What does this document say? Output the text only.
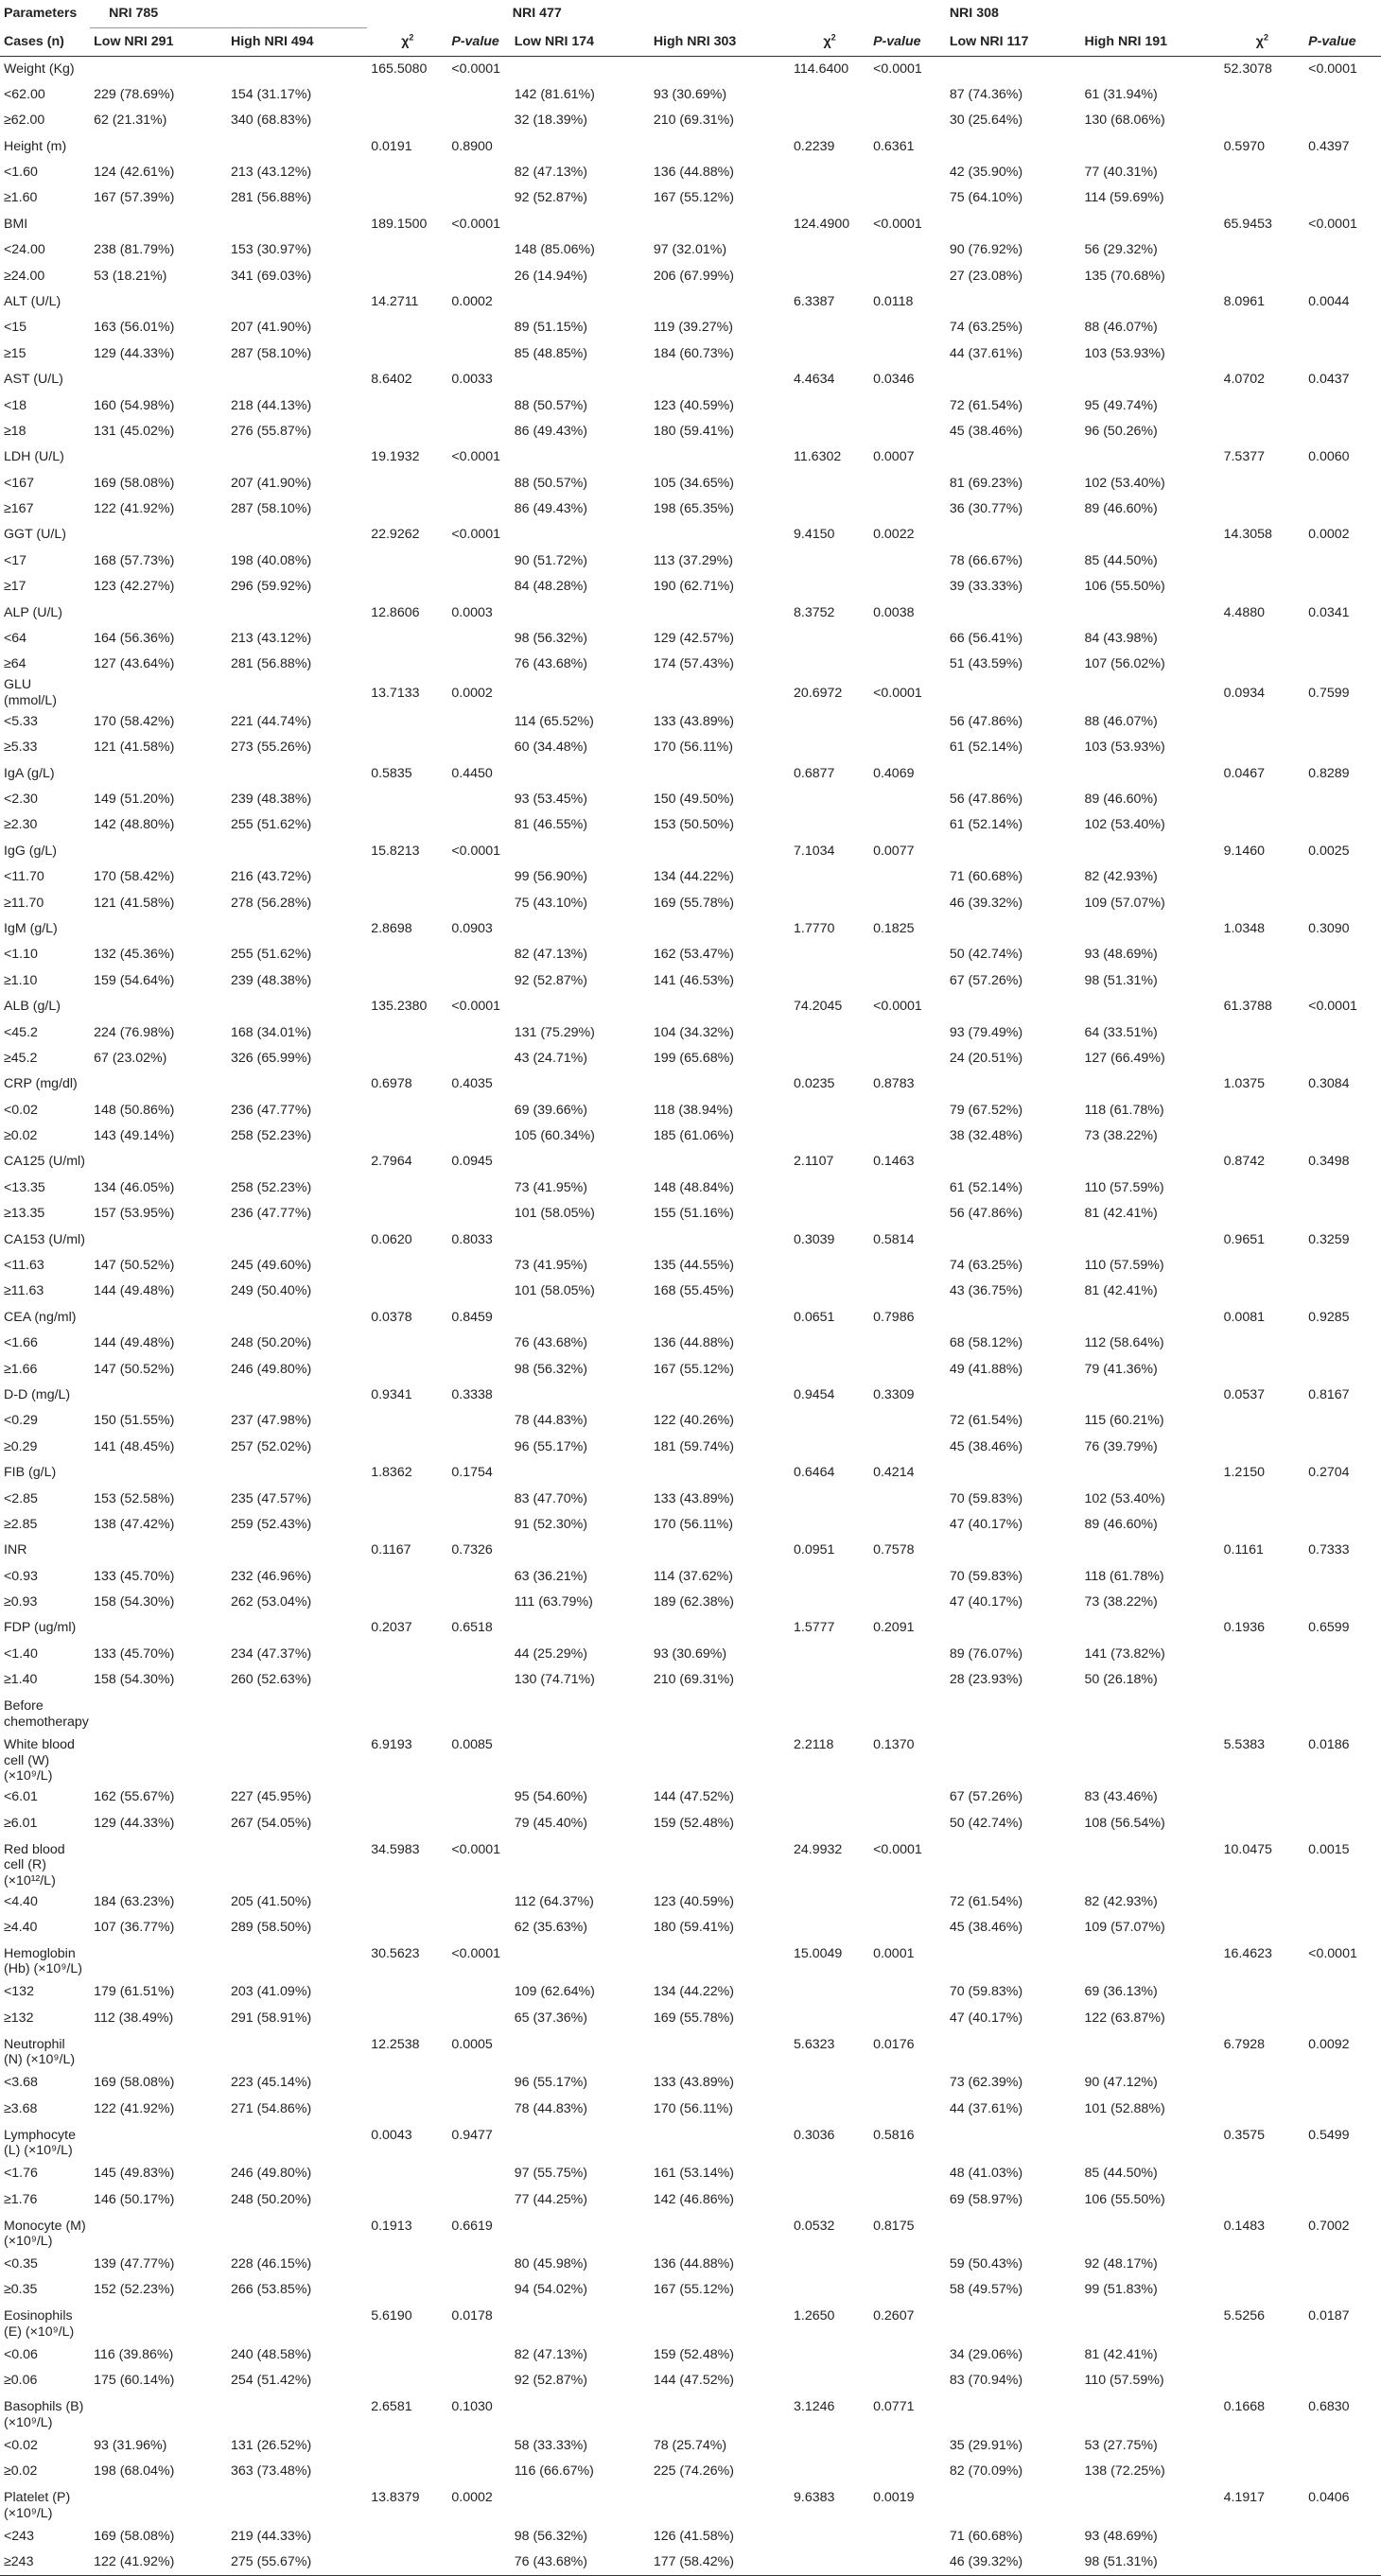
Parameters	NRI 785				NRI 477				NRI 308			
Cases (n)	Low NRI 291	High NRI 494	$\chi^2$	P-value	Low NRI 174	High NRI 303	$\chi^2$	P-value	Low NRI 117	High NRI 191	$\chi^2$	P-value
Weight (Kg)			165.5080	<0.0001			114.6400	<0.0001			52.3078	<0.0001
<62.00	229 (78.69%)	154 (31.17%)			142 (81.61%)	93 (30.69%)			87 (74.36%)	61 (31.94%)		
≥62.00	62 (21.31%)	340 (68.83%)			32 (18.39%)	210 (69.31%)			30 (25.64%)	130 (68.06%)		
Height (m)			0.0191	0.8900			0.2239	0.6361			0.5970	0.4397
<1.60	124 (42.61%)	213 (43.12%)			82 (47.13%)	136 (44.88%)			42 (35.90%)	77 (40.31%)		
≥1.60	167 (57.39%)	281 (56.88%)			92 (52.87%)	167 (55.12%)			75 (64.10%)	114 (59.69%)		
BMI			189.1500	<0.0001			124.4900	<0.0001			65.9453	<0.0001
<24.00	238 (81.79%)	153 (30.97%)			148 (85.06%)	97 (32.01%)			90 (76.92%)	56 (29.32%)		
≥24.00	53 (18.21%)	341 (69.03%)			26 (14.94%)	206 (67.99%)			27 (23.08%)	135 (70.68%)		
ALT (U/L)			14.2711	0.0002			6.3387	0.0118			8.0961	0.0044
<15	163 (56.01%)	207 (41.90%)			89 (51.15%)	119 (39.27%)			74 (63.25%)	88 (46.07%)		
≥15	129 (44.33%)	287 (58.10%)			85 (48.85%)	184 (60.73%)			44 (37.61%)	103 (53.93%)		
AST (U/L)			8.6402	0.0033			4.4634	0.0346			4.0702	0.0437
<18	160 (54.98%)	218 (44.13%)			88 (50.57%)	123 (40.59%)			72 (61.54%)	95 (49.74%)		
≥18	131 (45.02%)	276 (55.87%)			86 (49.43%)	180 (59.41%)			45 (38.46%)	96 (50.26%)		
LDH (U/L)			19.1932	<0.0001			11.6302	0.0007			7.5377	0.0060
<167	169 (58.08%)	207 (41.90%)			88 (50.57%)	105 (34.65%)			81 (69.23%)	102 (53.40%)		
≥167	122 (41.92%)	287 (58.10%)			86 (49.43%)	198 (65.35%)			36 (30.77%)	89 (46.60%)		
GGT (U/L)			22.9262	<0.0001			9.4150	0.0022			14.3058	0.0002
<17	168 (57.73%)	198 (40.08%)			90 (51.72%)	113 (37.29%)			78 (66.67%)	85 (44.50%)		
≥17	123 (42.27%)	296 (59.92%)			84 (48.28%)	190 (62.71%)			39 (33.33%)	106 (55.50%)		
ALP (U/L)			12.8606	0.0003			8.3752	0.0038			4.4880	0.0341
<64	164 (56.36%)	213 (43.12%)			98 (56.32%)	129 (42.57%)			66 (56.41%)	84 (43.98%)		
≥64	127 (43.64%)	281 (56.88%)			76 (43.68%)	174 (57.43%)			51 (43.59%)	107 (56.02%)		
GLU (mmol/L)			13.7133	0.0002			20.6972	<0.0001			0.0934	0.7599
<5.33	170 (58.42%)	221 (44.74%)			114 (65.52%)	133 (43.89%)			56 (47.86%)	88 (46.07%)		
≥5.33	121 (41.58%)	273 (55.26%)			60 (34.48%)	170 (56.11%)			61 (52.14%)	103 (53.93%)		
IgA (g/L)			0.5835	0.4450			0.6877	0.4069			0.0467	0.8289
<2.30	149 (51.20%)	239 (48.38%)			93 (53.45%)	150 (49.50%)			56 (47.86%)	89 (46.60%)		
≥2.30	142 (48.80%)	255 (51.62%)			81 (46.55%)	153 (50.50%)			61 (52.14%)	102 (53.40%)		
IgG (g/L)			15.8213	<0.0001			7.1034	0.0077			9.1460	0.0025
<11.70	170 (58.42%)	216 (43.72%)			99 (56.90%)	134 (44.22%)			71 (60.68%)	82 (42.93%)		
≥11.70	121 (41.58%)	278 (56.28%)			75 (43.10%)	169 (55.78%)			46 (39.32%)	109 (57.07%)		
IgM (g/L)			2.8698	0.0903			1.7770	0.1825			1.0348	0.3090
<1.10	132 (45.36%)	255 (51.62%)			82 (47.13%)	162 (53.47%)			50 (42.74%)	93 (48.69%)		
≥1.10	159 (54.64%)	239 (48.38%)			92 (52.87%)	141 (46.53%)			67 (57.26%)	98 (51.31%)		
ALB (g/L)			135.2380	<0.0001			74.2045	<0.0001			61.3788	<0.0001
<45.2	224 (76.98%)	168 (34.01%)			131 (75.29%)	104 (34.32%)			93 (79.49%)	64 (33.51%)		
≥45.2	67 (23.02%)	326 (65.99%)			43 (24.71%)	199 (65.68%)			24 (20.51%)	127 (66.49%)		
CRP (mg/dl)			0.6978	0.4035			0.0235	0.8783			1.0375	0.3084
<0.02	148 (50.86%)	236 (47.77%)			69 (39.66%)	118 (38.94%)			79 (67.52%)	118 (61.78%)		
≥0.02	143 (49.14%)	258 (52.23%)			105 (60.34%)	185 (61.06%)			38 (32.48%)	73 (38.22%)		
CA125 (U/ml)			2.7964	0.0945			2.1107	0.1463			0.8742	0.3498
<13.35	134 (46.05%)	258 (52.23%)			73 (41.95%)	148 (48.84%)			61 (52.14%)	110 (57.59%)		
≥13.35	157 (53.95%)	236 (47.77%)			101 (58.05%)	155 (51.16%)			56 (47.86%)	81 (42.41%)		
CA153 (U/ml)			0.0620	0.8033			0.3039	0.5814			0.9651	0.3259
<11.63	147 (50.52%)	245 (49.60%)			73 (41.95%)	135 (44.55%)			74 (63.25%)	110 (57.59%)		
≥11.63	144 (49.48%)	249 (50.40%)			101 (58.05%)	168 (55.45%)			43 (36.75%)	81 (42.41%)		
CEA (ng/ml)			0.0378	0.8459			0.0651	0.7986			0.0081	0.9285
<1.66	144 (49.48%)	248 (50.20%)			76 (43.68%)	136 (44.88%)			68 (58.12%)	112 (58.64%)		
≥1.66	147 (50.52%)	246 (49.80%)			98 (56.32%)	167 (55.12%)			49 (41.88%)	79 (41.36%)		
D-D (mg/L)			0.9341	0.3338			0.9454	0.3309			0.0537	0.8167
<0.29	150 (51.55%)	237 (47.98%)			78 (44.83%)	122 (40.26%)			72 (61.54%)	115 (60.21%)		
≥0.29	141 (48.45%)	257 (52.02%)			96 (55.17%)	181 (59.74%)			45 (38.46%)	76 (39.79%)		
FIB (g/L)			1.8362	0.1754			0.6464	0.4214			1.2150	0.2704
<2.85	153 (52.58%)	235 (47.57%)			83 (47.70%)	133 (43.89%)			70 (59.83%)	102 (53.40%)		
≥2.85	138 (47.42%)	259 (52.43%)			91 (52.30%)	170 (56.11%)			47 (40.17%)	89 (46.60%)		
INR			0.1167	0.7326			0.0951	0.7578			0.1161	0.7333
<0.93	133 (45.70%)	232 (46.96%)			63 (36.21%)	114 (37.62%)			70 (59.83%)	118 (61.78%)		
≥0.93	158 (54.30%)	262 (53.04%)			111 (63.79%)	189 (62.38%)			47 (40.17%)	73 (38.22%)		
FDP (ug/ml)			0.2037	0.6518			1.5777	0.2091			0.1936	0.6599
<1.40	133 (45.70%)	234 (47.37%)			44 (25.29%)	93 (30.69%)			89 (76.07%)	141 (73.82%)		
≥1.40	158 (54.30%)	260 (52.63%)			130 (74.71%)	210 (69.31%)			28 (23.93%)	50 (26.18%)		
Before chemotherapy												
White blood cell (W) (×10⁹/L)			6.9193	0.0085			2.2118	0.1370			5.5383	0.0186
<6.01	162 (55.67%)	227 (45.95%)			95 (54.60%)	144 (47.52%)			67 (57.26%)	83 (43.46%)		
≥6.01	129 (44.33%)	267 (54.05%)			79 (45.40%)	159 (52.48%)			50 (42.74%)	108 (56.54%)		
Red blood cell (R) (×10¹²/L)			34.5983	<0.0001			24.9932	<0.0001			10.0475	0.0015
<4.40	184 (63.23%)	205 (41.50%)			112 (64.37%)	123 (40.59%)			72 (61.54%)	82 (42.93%)		
≥4.40	107 (36.77%)	289 (58.50%)			62 (35.63%)	180 (59.41%)			45 (38.46%)	109 (57.07%)		
Hemoglobin (Hb) (×10⁹/L)			30.5623	<0.0001			15.0049	0.0001			16.4623	<0.0001
<132	179 (61.51%)	203 (41.09%)			109 (62.64%)	134 (44.22%)			70 (59.83%)	69 (36.13%)		
≥132	112 (38.49%)	291 (58.91%)			65 (37.36%)	169 (55.78%)			47 (40.17%)	122 (63.87%)		
Neutrophil (N) (×10⁹/L)			12.2538	0.0005			5.6323	0.0176			6.7928	0.0092
<3.68	169 (58.08%)	223 (45.14%)			96 (55.17%)	133 (43.89%)			73 (62.39%)	90 (47.12%)		
≥3.68	122 (41.92%)	271 (54.86%)			78 (44.83%)	170 (56.11%)			44 (37.61%)	101 (52.88%)		
Lymphocyte (L) (×10⁹/L)			0.0043	0.9477			0.3036	0.5816			0.3575	0.5499
<1.76	145 (49.83%)	246 (49.80%)			97 (55.75%)	161 (53.14%)			48 (41.03%)	85 (44.50%)		
≥1.76	146 (50.17%)	248 (50.20%)			77 (44.25%)	142 (46.86%)			69 (58.97%)	106 (55.50%)		
Monocyte (M) (×10⁹/L)			0.1913	0.6619			0.0532	0.8175			0.1483	0.7002
<0.35	139 (47.77%)	228 (46.15%)			80 (45.98%)	136 (44.88%)			59 (50.43%)	92 (48.17%)		
≥0.35	152 (52.23%)	266 (53.85%)			94 (54.02%)	167 (55.12%)			58 (49.57%)	99 (51.83%)		
Eosinophils (E) (×10⁹/L)			5.6190	0.0178			1.2650	0.2607			5.5256	0.0187
<0.06	116 (39.86%)	240 (48.58%)			82 (47.13%)	159 (52.48%)			34 (29.06%)	81 (42.41%)		
≥0.06	175 (60.14%)	254 (51.42%)			92 (52.87%)	144 (47.52%)			83 (70.94%)	110 (57.59%)		
Basophils (B) (×10⁹/L)			2.6581	0.1030			3.1246	0.0771			0.1668	0.6830
<0.02	93 (31.96%)	131 (26.52%)			58 (33.33%)	78 (25.74%)			35 (29.91%)	53 (27.75%)		
≥0.02	198 (68.04%)	363 (73.48%)			116 (66.67%)	225 (74.26%)			82 (70.09%)	138 (72.25%)		
Platelet (P) (×10⁹/L)			13.8379	0.0002			9.6383	0.0019			4.1917	0.0406
<243	169 (58.08%)	219 (44.33%)			98 (56.32%)	126 (41.58%)			71 (60.68%)	93 (48.69%)		
≥243	122 (41.92%)	275 (55.67%)			76 (43.68%)	177 (58.42%)			46 (39.32%)	98 (51.31%)		
